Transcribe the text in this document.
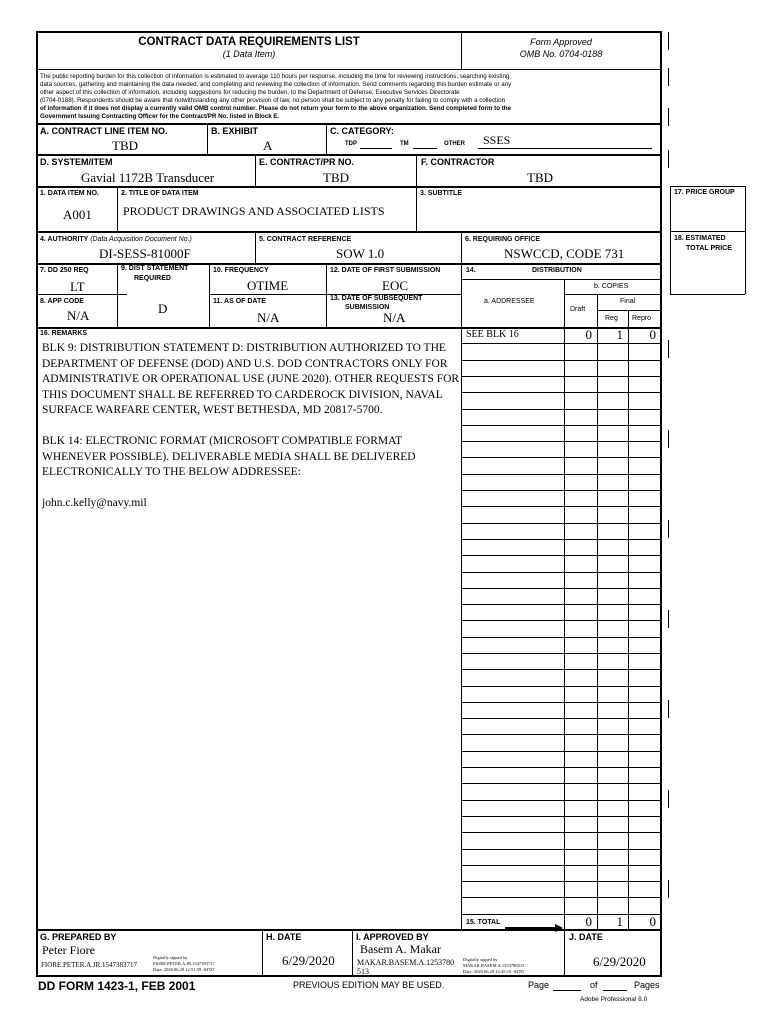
CONTRACT DATA REQUIREMENTS LIST
(1 Data Item)
Form Approved
OMB No. 0704-0188
The public reporting burden for this collection of information is estimated to average 110 hours per response, including the time for reviewing instructions, searching existing
data sources, gathering and maintaining the data needed, and completing and reviewing the collection of information. Send comments regarding this burden estimate or any
other aspect of this collection of information, including suggestions for reducing the burden, to the Department of Defense, Executive Services Directorate
(0704-0188). Respondents should be aware that notwithstanding any other provision of law, no person shall be subject to any penalty for failing to comply with a collection
of information if it does not display a currently valid OMB control number. Please do not return your form to the above organization. Send completed form to the
Government Issuing Contracting Officer for the Contract/PR No. listed in Block E.
A. CONTRACT LINE ITEM NO.
TBD
B. EXHIBIT
A
C. CATEGORY:
TDP	TM	OTHER SSES
D. SYSTEM/ITEM
Gavial 1172B Transducer
E. CONTRACT/PR NO.
TBD
F. CONTRACTOR
TBD
1. DATA ITEM NO.
A001
2. TITLE OF DATA ITEM
PRODUCT DRAWINGS AND ASSOCIATED LISTS
3. SUBTITLE
4. AUTHORITY (Data Acquisition Document No.)
DI-SESS-81000F
5. CONTRACT REFERENCE
SOW 1.0
6. REQUIRING OFFICE
NSWCCD, CODE 731
7. DD 250 REQ
LT
8. APP CODE
N/A
9. DIST STATEMENT
REQUIRED
D
10. FREQUENCY
OTIME
11. AS OF DATE
N/A
12. DATE OF FIRST SUBMISSION
EOC
13. DATE OF SUBSEQUENT
SUBMISSION
N/A
14.	DISTRIBUTION
b. COPIES
a. ADDRESSEE
Draft
Final
Reg Repro
17. PRICE GROUP
18. ESTIMATED
TOTAL PRICE
16. REMARKS
BLK 9: DISTRIBUTION STATEMENT D: DISTRIBUTION AUTHORIZED TO THE
DEPARTMENT OF DEFENSE (DOD) AND U.S. DOD CONTRACTORS ONLY FOR
ADMINISTRATIVE OR OPERATIONAL USE (JUNE 2020). OTHER REQUESTS FOR
THIS DOCUMENT SHALL BE REFERRED TO CARDEROCK DIVISION, NAVAL
SURFACE WARFARE CENTER, WEST BETHESDA, MD 20817-5700.

BLK 14: ELECTRONIC FORMAT (MICROSOFT COMPATIBLE FORMAT
WHENEVER POSSIBLE). DELIVERABLE MEDIA SHALL BE DELIVERED
ELECTRONICALLY TO THE BELOW ADDRESSEE:

john.c.kelly@navy.mil
SEE BLK 16	0	1	0
15. TOTAL	0	1	0
G. PREPARED BY
Peter Fiore
FIORE.PETER.A.JR.1547383717
Digitally signed by
FIORE.PETER.A.JR.1547383717
Date: 2020.06.29 12:51:59 -04'00'
H. DATE
6/29/2020
I. APPROVED BY
Basem A. Makar
MAKAR.BASEM.A.1253780
513
Digitally signed by
MAKAR.BASEM.A.1253780513
Date: 2020.06.29 12:45:10 -04'00'
J. DATE
6/29/2020
DD FORM 1423-1, FEB 2001	PREVIOUS EDITION MAY BE USED.	Page	of	Pages
Adobe Professional 8.0
